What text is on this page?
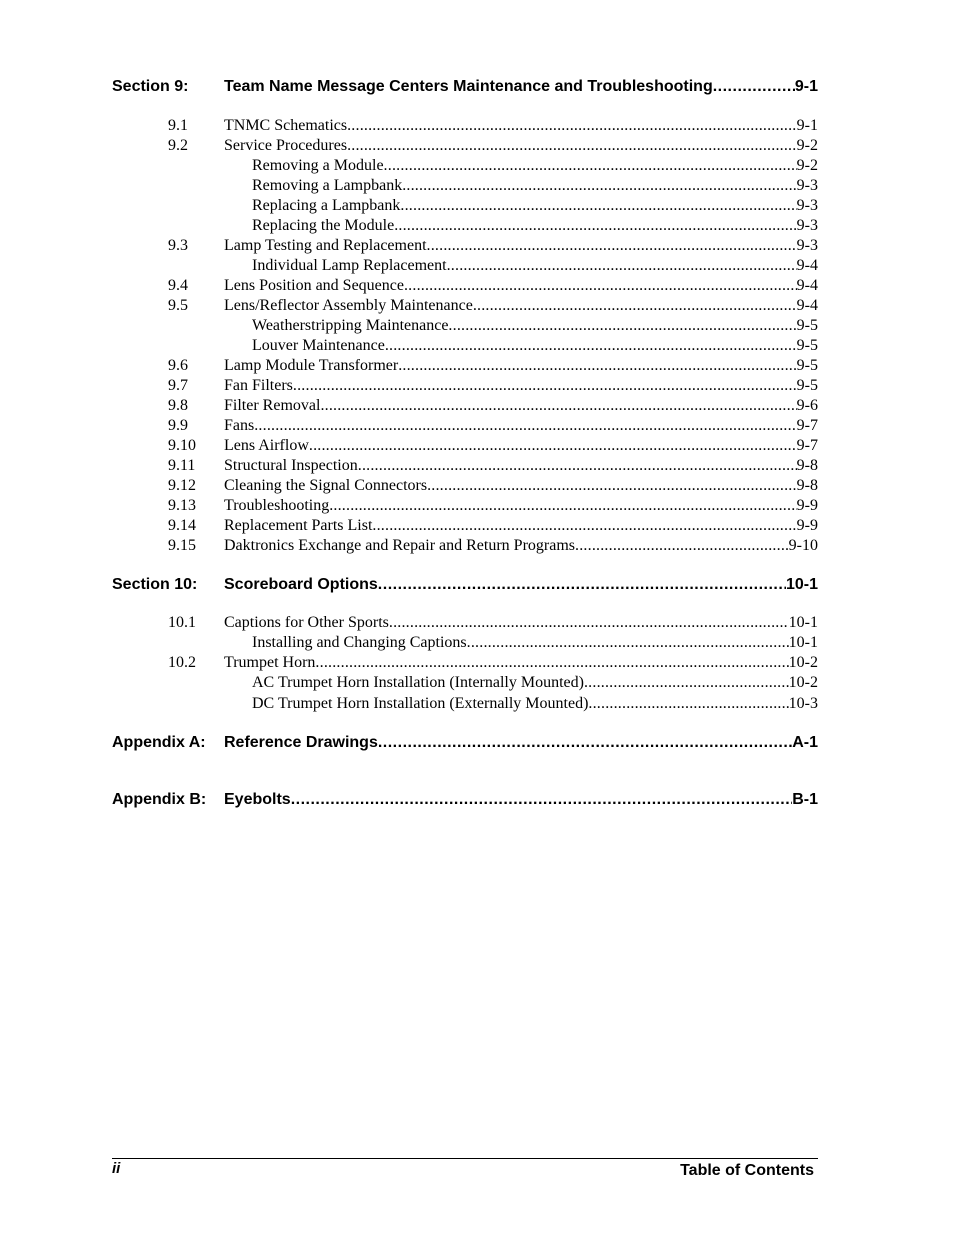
Section 9:	Team Name Message Centers Maintenance and Troubleshooting .....	9-1
9.1	TNMC Schematics .....	9-1
9.2	Service Procedures .....	9-2
Removing a Module .....	9-2
Removing a Lampbank .....	9-3
Replacing a Lampbank .....	9-3
Replacing the Module .....	9-3
9.3	Lamp Testing and Replacement .....	9-3
Individual Lamp Replacement .....	9-4
9.4	Lens Position and Sequence .....	9-4
9.5	Lens/Reflector Assembly Maintenance .....	9-4
Weatherstripping Maintenance .....	9-5
Louver Maintenance .....	9-5
9.6	Lamp Module Transformer .....	9-5
9.7	Fan Filters .....	9-5
9.8	Filter Removal .....	9-6
9.9	Fans .....	9-7
9.10	Lens Airflow .....	9-7
9.11	Structural Inspection .....	9-8
9.12	Cleaning the Signal Connectors .....	9-8
9.13	Troubleshooting .....	9-9
9.14	Replacement Parts List .....	9-9
9.15	Daktronics Exchange and Repair and Return Programs .....	9-10
Section 10:	Scoreboard Options .....	10-1
10.1	Captions for Other Sports .....	10-1
Installing and Changing Captions .....	10-1
10.2	Trumpet Horn .....	10-2
AC Trumpet Horn Installation (Internally Mounted) .....	10-2
DC Trumpet Horn Installation (Externally Mounted) .....	10-3
Appendix A:	Reference Drawings .....	A-1
Appendix B:	Eyebolts .....	B-1
ii	Table of Contents
